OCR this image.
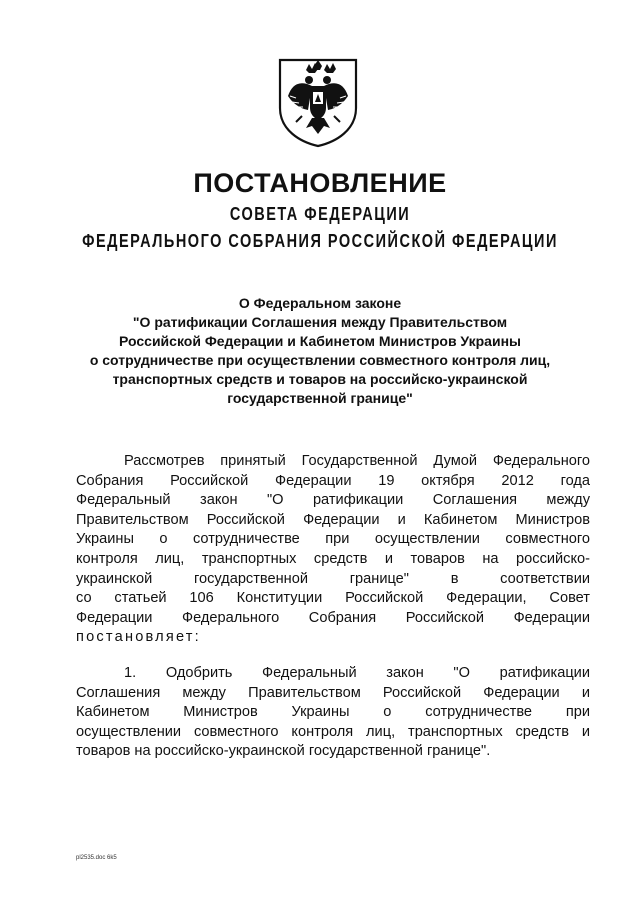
ПОСТАНОВЛЕНИЕ
СОВЕТА ФЕДЕРАЦИИ
ФЕДЕРАЛЬНОГО СОБРАНИЯ РОССИЙСКОЙ ФЕДЕРАЦИИ
О Федеральном законе
"О ратификации Соглашения между Правительством
Российской Федерации и Кабинетом Министров Украины
о сотрудничестве при осуществлении совместного контроля лиц,
транспортных средств и товаров на российско-украинской
государственной границе"
Рассмотрев принятый Государственной Думой Федерального
Собрания Российской Федерации 19 октября 2012 года
Федеральный закон "О ратификации Соглашения между
Правительством Российской Федерации и Кабинетом Министров
Украины о сотрудничестве при осуществлении совместного
контроля лиц, транспортных средств и товаров на российско-
украинской государственной границе" в соответствии
со статьей 106 Конституции Российской Федерации, Совет
Федерации Федерального Собрания Российской Федерации
постановляет:
1. Одобрить Федеральный закон "О ратификации
Соглашения между Правительством Российской Федерации и
Кабинетом Министров Украины о сотрудничестве при
осуществлении совместного контроля лиц, транспортных средств и
товаров на российско-украинской государственной границе".
pl2535.doc 6k5
